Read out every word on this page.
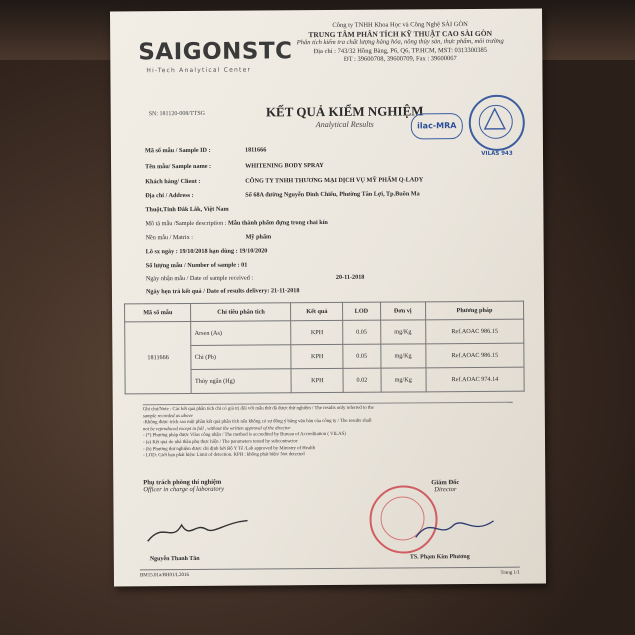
SAIGONSTC
Hi-Tech Analytical Center
Công ty TNHH Khoa Học và Công Nghệ SÀI GÒN
TRUNG TÂM PHÂN TÍCH KỸ THUẬT CAO SÀI GÒN
Phân tích kiểm tra chất lượng hàng hóa, nông thủy sản, thực phẩm, môi trường
Địa chỉ : 743/32 Hồng Bàng, P6, Q6, TP.HCM, MST: 0313300385
ĐT : 39600708, 39600709, Fax : 39600067
SN: 181120-008/TTSG	KẾT QUẢ KIỂM NGHIỆM
Analytical Results	ilac-MRA
VILAS 943
Mã số mẫu / Sample ID :	1811666
Tên mẫu/ Sample name :	WHITENING BODY SPRAY
Khách hàng/ Client :	CÔNG TY TNHH THƯƠNG MẠI DỊCH VỤ MỸ PHẨM Q-LADY
Địa chỉ / Address :	Số 68A đường Nguyễn Đình Chiểu, Phường Tân Lợi, Tp.Buôn Ma
Thuột,Tỉnh Đắk Lắk, Việt Nam
Mô tả mẫu /Sample description : Mẫu thành phẩm đựng trong chai kín
Nền mẫu / Matrix :	Mỹ phẩm
Lô sx ngày : 19/10/2018 hạn dùng : 19/10/2020
Số lượng mẫu / Number of sample : 01
Ngày nhận mẫu / Date of sample received :	20-11-2018
Ngày hẹn trả kết quả / Date of results delivery: 21-11-2018
Mã số mẫu	Chỉ tiêu phân tích	Kết quả	LOD	Đơn vị	Phương pháp
1811666	Arsen (As)	KPH	0.05	mg/Kg	Ref.AOAC 986.15
	Chì (Pb)	KPH	0.05	mg/Kg	Ref.AOAC 986.15
	Thủy ngân (Hg)	KPH	0.02	mg/Kg	Ref.AOAC 974.14
Ghi chú/Note : Các kết quả phân tích chỉ có giá trị đối với mẫu thử đã được thử nghiệm / The results only referred to the
sample recorded as above
-Không được trích sao một phần kết quả phân tích nếu không có sự đồng ý bằng văn bản của công ty / The results shall
not be reproduced except in full , without the written approval of the director
- (*) Phương pháp được Vilas công nhận / The method is accredited by Bureau of Accreditation ( VILAS)
- (a) Kết quả do nhà thầu phụ thực hiện / The parameters tested by subcontractor
- (b) Phương thử nghiệm được chỉ định bởi Bộ Y Tế /Lab approved by Ministry of Health
- LOD: Giới hạn phát hiện/ Limit of detection. KPH : không phát hiện/ Not detected
Phụ trách phòng thí nghiệm
Officer in charge of laboratory
Nguyễn Thanh Tân
Giám Đốc
Director
TS. Phạm Kim Phương
BM15.01a/BH01/L2016	Trang 1/1
